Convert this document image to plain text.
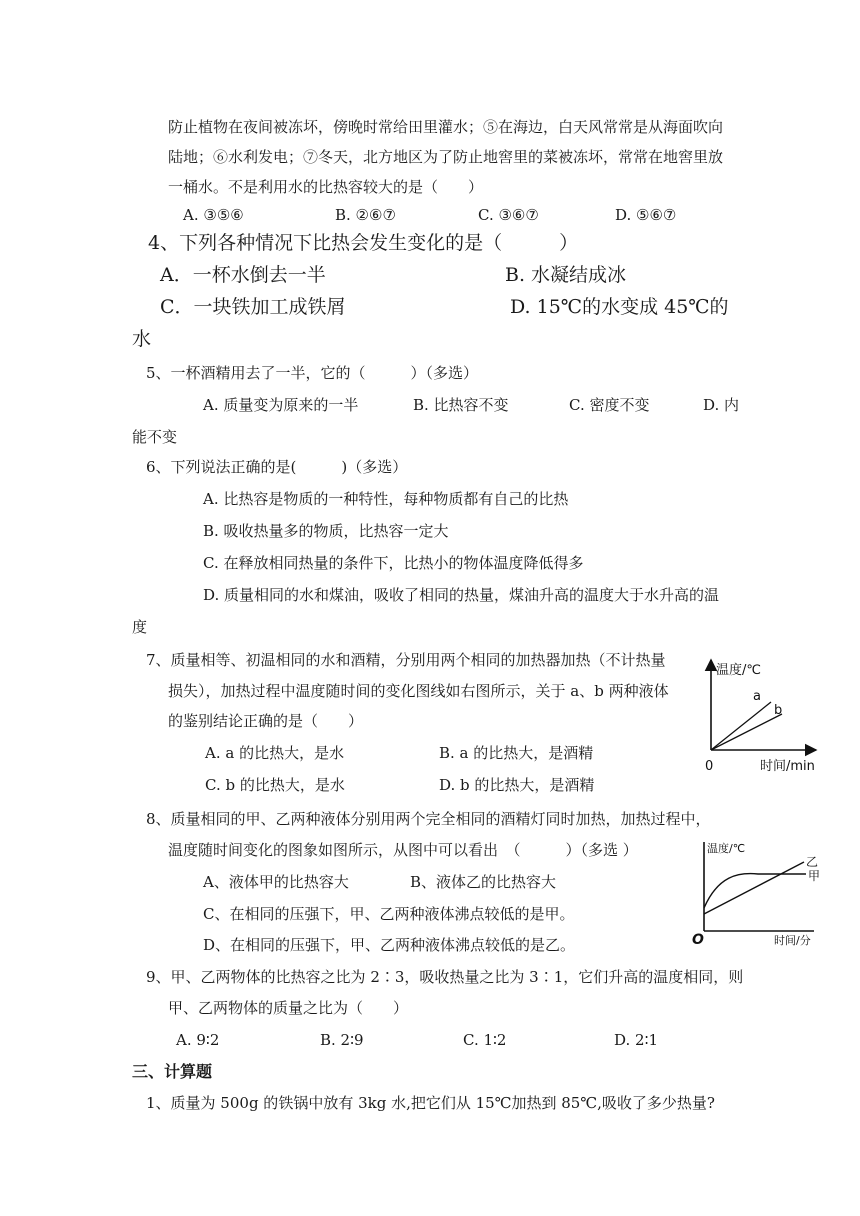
防止植物在夜间被冻坏，傍晚时常给田里灌水；⑤在海边，白天风常常是从海面吹向
陆地；⑥水利发电；⑦冬天，北方地区为了防止地窖里的菜被冻坏，常常在地窖里放
一桶水。不是利用水的比热容较大的是（　　）
A. ③⑤⑥	B. ②⑥⑦	C. ③⑥⑦	D. ⑤⑥⑦
4、下列各种情况下比热会发生变化的是（　　　）
A．一杯水倒去一半	B. 水凝结成冰
C．一块铁加工成铁屑	D. 15℃的水变成 45℃的
水
5、一杯酒精用去了一半，它的（　　　）（多选）
A. 质量变为原来的一半	B. 比热容不变	C. 密度不变	D. 内
能不变
6、下列说法正确的是(　　　)（多选）
A. 比热容是物质的一种特性，每种物质都有自己的比热
B. 吸收热量多的物质，比热容一定大
C. 在释放相同热量的条件下，比热小的物体温度降低得多
D. 质量相同的水和煤油，吸收了相同的热量，煤油升高的温度大于水升高的温
度
7、质量相等、初温相同的水和酒精，分别用两个相同的加热器加热（不计热量
损失），加热过程中温度随时间的变化图线如右图所示，关于 a、b 两种液体
的鉴别结论正确的是（　　）
A. a 的比热大，是水	B. a 的比热大，是酒精
C. b 的比热大，是水	D. b 的比热大，是酒精
温度/℃
a
b
0	时间/min
8、质量相同的甲、乙两种液体分别用两个完全相同的酒精灯同时加热，加热过程中，
温度随时间变化的图象如图所示，从图中可以看出　（　　　）（多选 ）
A、液体甲的比热容大	B、液体乙的比热容大
C、在相同的压强下，甲、乙两种液体沸点较低的是甲。
D、在相同的压强下，甲、乙两种液体沸点较低的是乙。
温度/℃
乙
甲
O	时间/分
9、甲、乙两物体的比热容之比为 2∶3，吸收热量之比为 3∶1，它们升高的温度相同，则
甲、乙两物体的质量之比为（　　）
A. 9∶2	B. 2∶9	C. 1∶2	D. 2∶1
三、计算题
1、质量为 500g 的铁锅中放有 3kg 水,把它们从 15℃加热到 85℃,吸收了多少热量?
